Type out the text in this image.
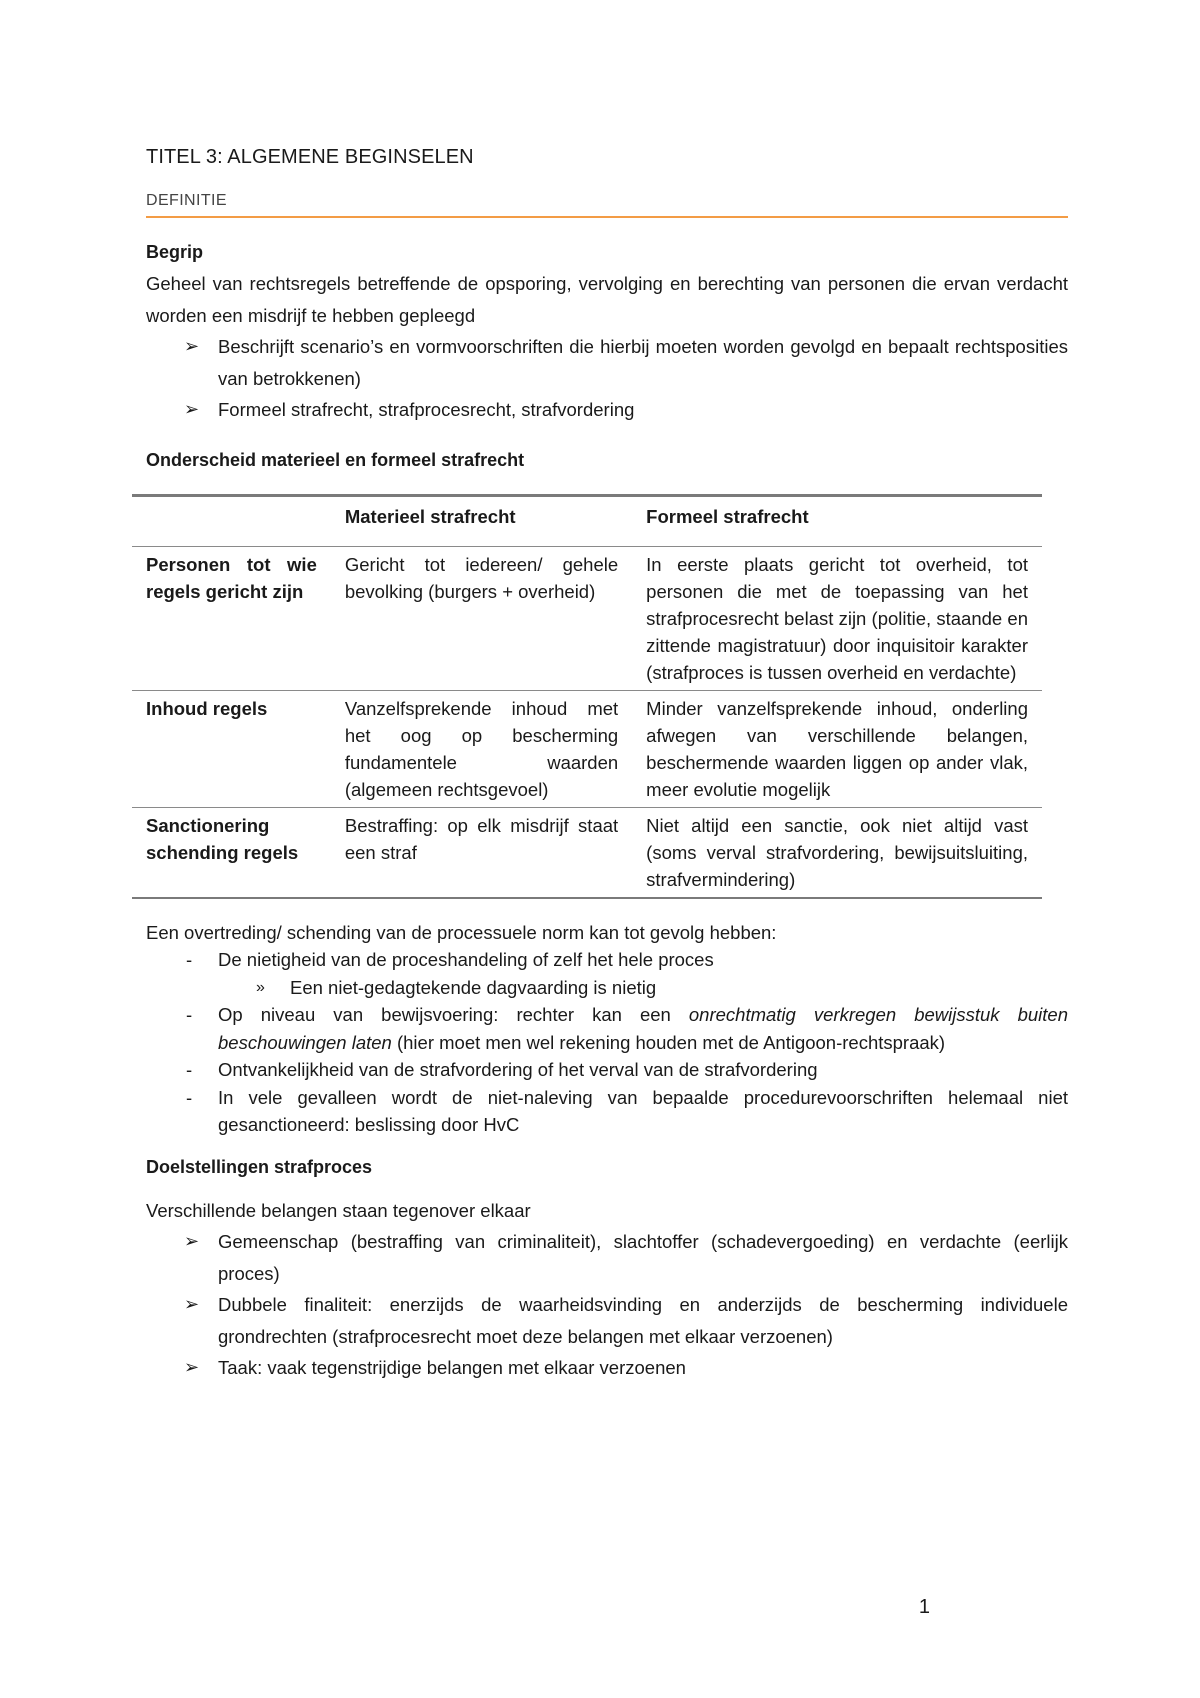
TITEL 3: ALGEMENE BEGINSELEN
DEFINITIE
Begrip

Geheel van rechtsregels betreffende de opsporing, vervolging en berechting van personen die ervan verdacht worden een misdrijf te hebben gepleegd

➢	Beschrijft scenario’s en vormvoorschriften die hierbij moeten worden gevolgd en bepaalt rechtsposities van betrokkenen)
➢	Formeel strafrecht, strafprocesrecht, strafvordering
Onderscheid materieel en formeel strafrecht
	Materieel strafrecht	Formeel strafrecht
Personen tot wie regels gericht zijn	Gericht tot iedereen/ gehele bevolking (burgers + overheid)	In eerste plaats gericht tot overheid, tot personen die met de toepassing van het strafprocesrecht belast zijn (politie, staande en zittende magistratuur) door inquisitoir karakter (strafproces is tussen overheid en verdachte)
Inhoud regels	Vanzelfsprekende inhoud met het oog op bescherming fundamentele waarden (algemeen rechtsgevoel)	Minder vanzelfsprekende inhoud, onderling afwegen van verschillende belangen, beschermende waarden liggen op ander vlak, meer evolutie mogelijk
Sanctionering schending regels	Bestraffing: op elk misdrijf staat een straf	Niet altijd een sanctie, ook niet altijd vast (soms verval strafvordering, bewijsuitsluiting, strafvermindering)

Een overtreding/ schending van de processuele norm kan tot gevolg hebben:

- De nietigheid van de proceshandeling of zelf het hele proces
» Een niet-gedagtekende dagvaarding is nietig
- Op niveau van bewijsvoering: rechter kan een onrechtmatig verkregen bewijsstuk buiten beschouwingen laten (hier moet men wel rekening houden met de Antigoon-rechtspraak)
- Ontvankelijkheid van de strafvordering of het verval van de strafvordering
- In vele gevalleen wordt de niet-naleving van bepaalde procedurevoorschriften helemaal niet gesanctioneerd: beslissing door HvC
Doelstellingen strafproces

Verschillende belangen staan tegenover elkaar

➢	Gemeenschap (bestraffing van criminaliteit), slachtoffer (schadevergoeding) en verdachte (eerlijk proces)
➢	Dubbele finaliteit: enerzijds de waarheidsvinding en anderzijds de bescherming individuele grondrechten (strafprocesrecht moet deze belangen met elkaar verzoenen)
➢	Taak: vaak tegenstrijdige belangen met elkaar verzoenen
1
